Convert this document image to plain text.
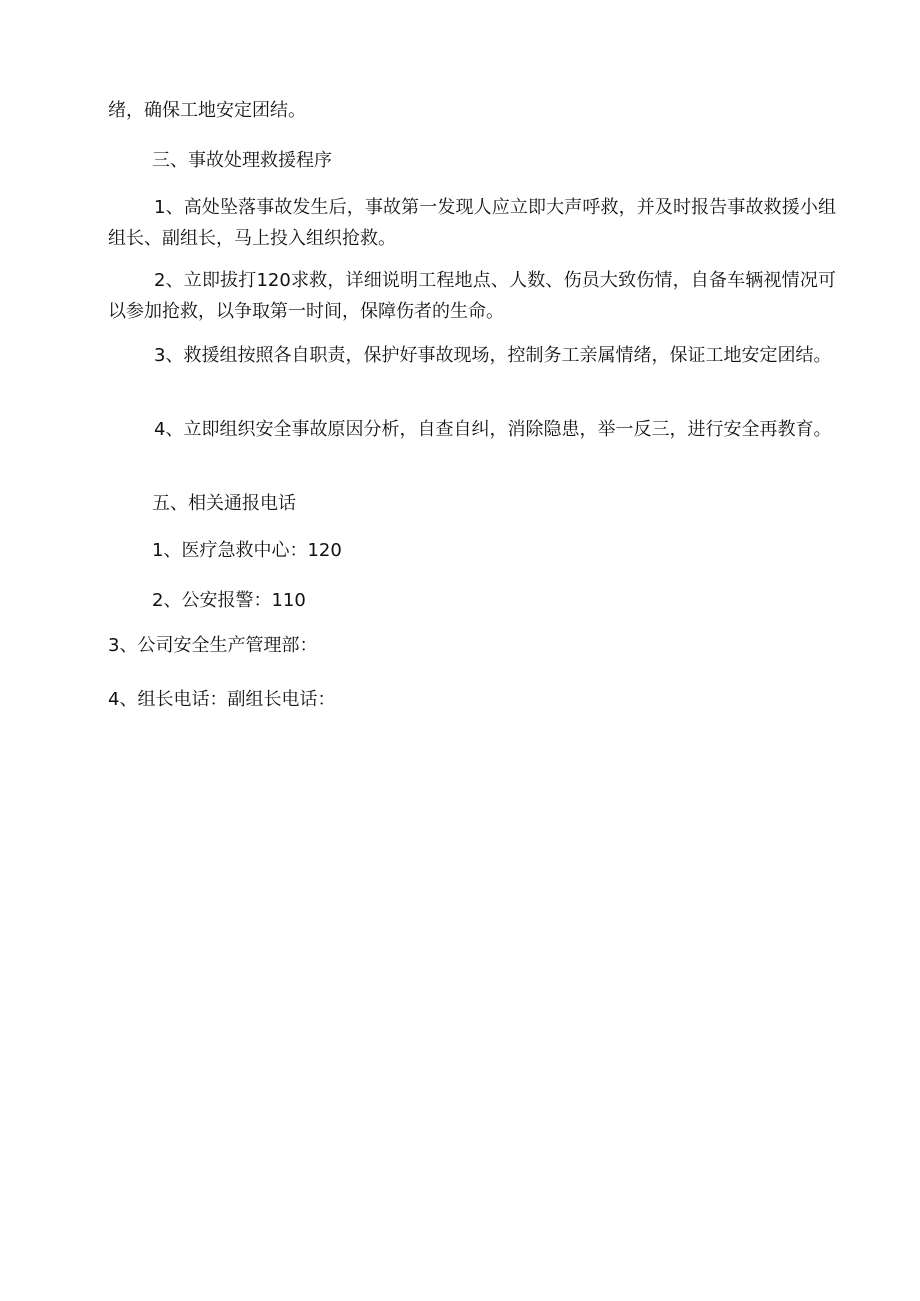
绪，确保工地安定团结。
三、事故处理救援程序
1、高处坠落事故发生后，事故第一发现人应立即大声呼救，并及时报告事故救援小组组长、副组长，马上投入组织抢救。
2、立即拔打120求救，详细说明工程地点、人数、伤员大致伤情，自备车辆视情况可以参加抢救，以争取第一时间，保障伤者的生命。
3、救援组按照各自职责，保护好事故现场，控制务工亲属情绪，保证工地安定团结。
4、立即组织安全事故原因分析，自查自纠，消除隐患，举一反三，进行安全再教育。
五、相关通报电话
1、医疗急救中心：120
2、公安报警：110
3、公司安全生产管理部：
4、组长电话：副组长电话：
